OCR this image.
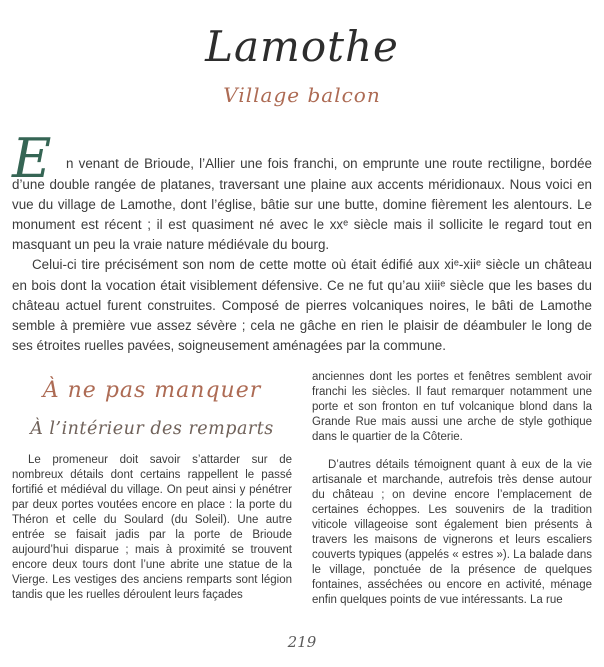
Lamothe
Village balcon

E n venant de Brioude, l’Allier une fois franchi, on emprunte une route rectiligne, bordée d’une double rangée de platanes, traversant une plaine aux accents méridionaux. Nous voici en vue du village de Lamothe, dont l’église, bâtie sur une butte, domine fièrement les alentours. Le monument est récent ; il est quasiment né avec le xxᵉ siècle mais il sollicite le regard tout en masquant un peu la vraie nature médiévale du bourg.

Celui-ci tire précisément son nom de cette motte où était édifié aux xiᵉ-xiiᵉ siècle un château en bois dont la vocation était visiblement défensive. Ce ne fut qu’au xiiiᵉ siècle que les bases du château actuel furent construites. Composé de pierres volcaniques noires, le bâti de Lamothe semble à première vue assez sévère ; cela ne gâche en rien le plaisir de déambuler le long de ses étroites ruelles pavées, soigneusement aménagées par la commune.

À ne pas manquer
À l’intérieur des remparts

Le promeneur doit savoir s’attarder sur de nombreux détails dont certains rappellent le passé fortifié et médiéval du village. On peut ainsi y pénétrer par deux portes voutées encore en place : la porte du Théron et celle du Soulard (du Soleil). Une autre entrée se faisait jadis par la porte de Brioude aujourd’hui disparue ; mais à proximité se trouvent encore deux tours dont l’une abrite une statue de la Vierge. Les vestiges des anciens remparts sont légion tandis que les ruelles déroulent leurs façades

anciennes dont les portes et fenêtres semblent avoir franchi les siècles. Il faut remarquer notamment une porte et son fronton en tuf volcanique blond dans la Grande Rue mais aussi une arche de style gothique dans le quartier de la Côterie.

D’autres détails témoignent quant à eux de la vie artisanale et marchande, autrefois très dense autour du château ; on devine encore l’emplacement de certaines échoppes. Les souvenirs de la tradition viticole villageoise sont également bien présents à travers les maisons de vignerons et leurs escaliers couverts typiques (appelés « estres »). La balade dans le village, ponctuée de la présence de quelques fontaines, asséchées ou encore en activité, ménage enfin quelques points de vue intéressants. La rue

219
